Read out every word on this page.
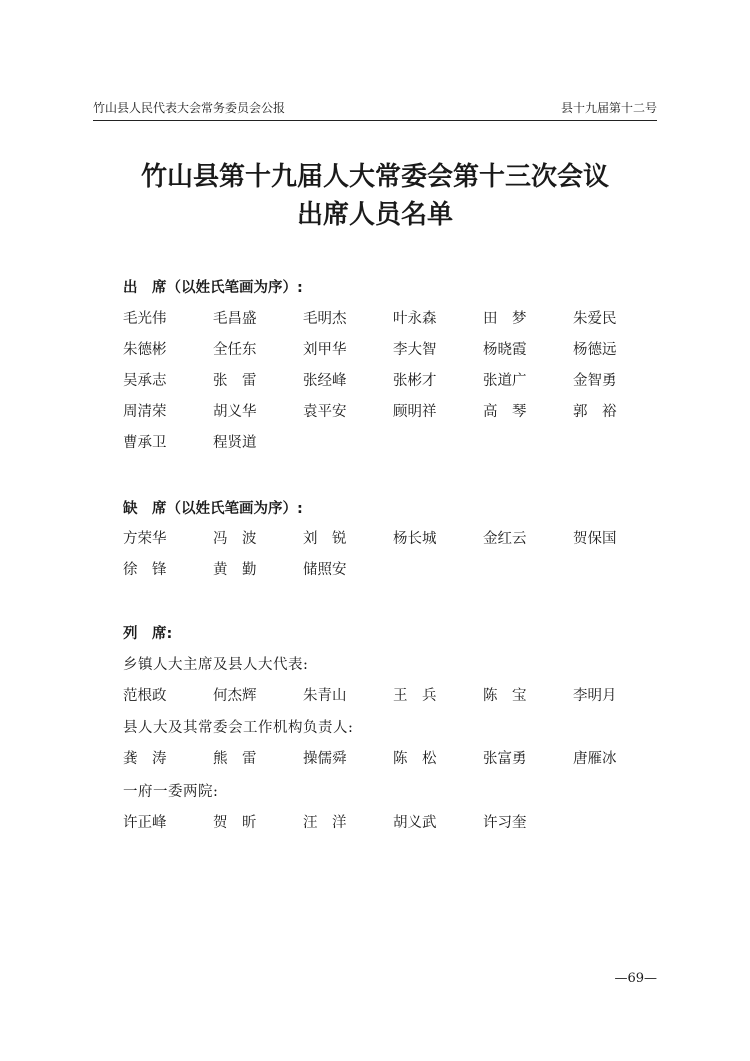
竹山县人民代表大会常务委员会公报	县十九届第十二号
竹山县第十九届人大常委会第十三次会议
出席人员名单
出　席（以姓氏笔画为序）:
毛光伟	毛昌盛	毛明杰	叶永森	田　梦	朱爱民
朱德彬	全任东	刘甲华	李大智	杨晓霞	杨德远
吴承志	张　雷	张经峰	张彬才	张道广	金智勇
周清荣	胡义华	袁平安	顾明祥	高　琴	郭　裕
曹承卫	程贤道
缺　席（以姓氏笔画为序）:
方荣华	冯　波	刘　锐	杨长城	金红云	贺保国
徐　锋	黄　勤	储照安
列　席:
乡镇人大主席及县人大代表:
范根政	何杰辉	朱青山	王　兵	陈　宝	李明月
县人大及其常委会工作机构负责人:
龚　涛	熊　雷	操儒舜	陈　松	张富勇	唐雁冰
一府一委两院:
许正峰	贺　昕	汪　洋	胡义武	许习奎
—69—
